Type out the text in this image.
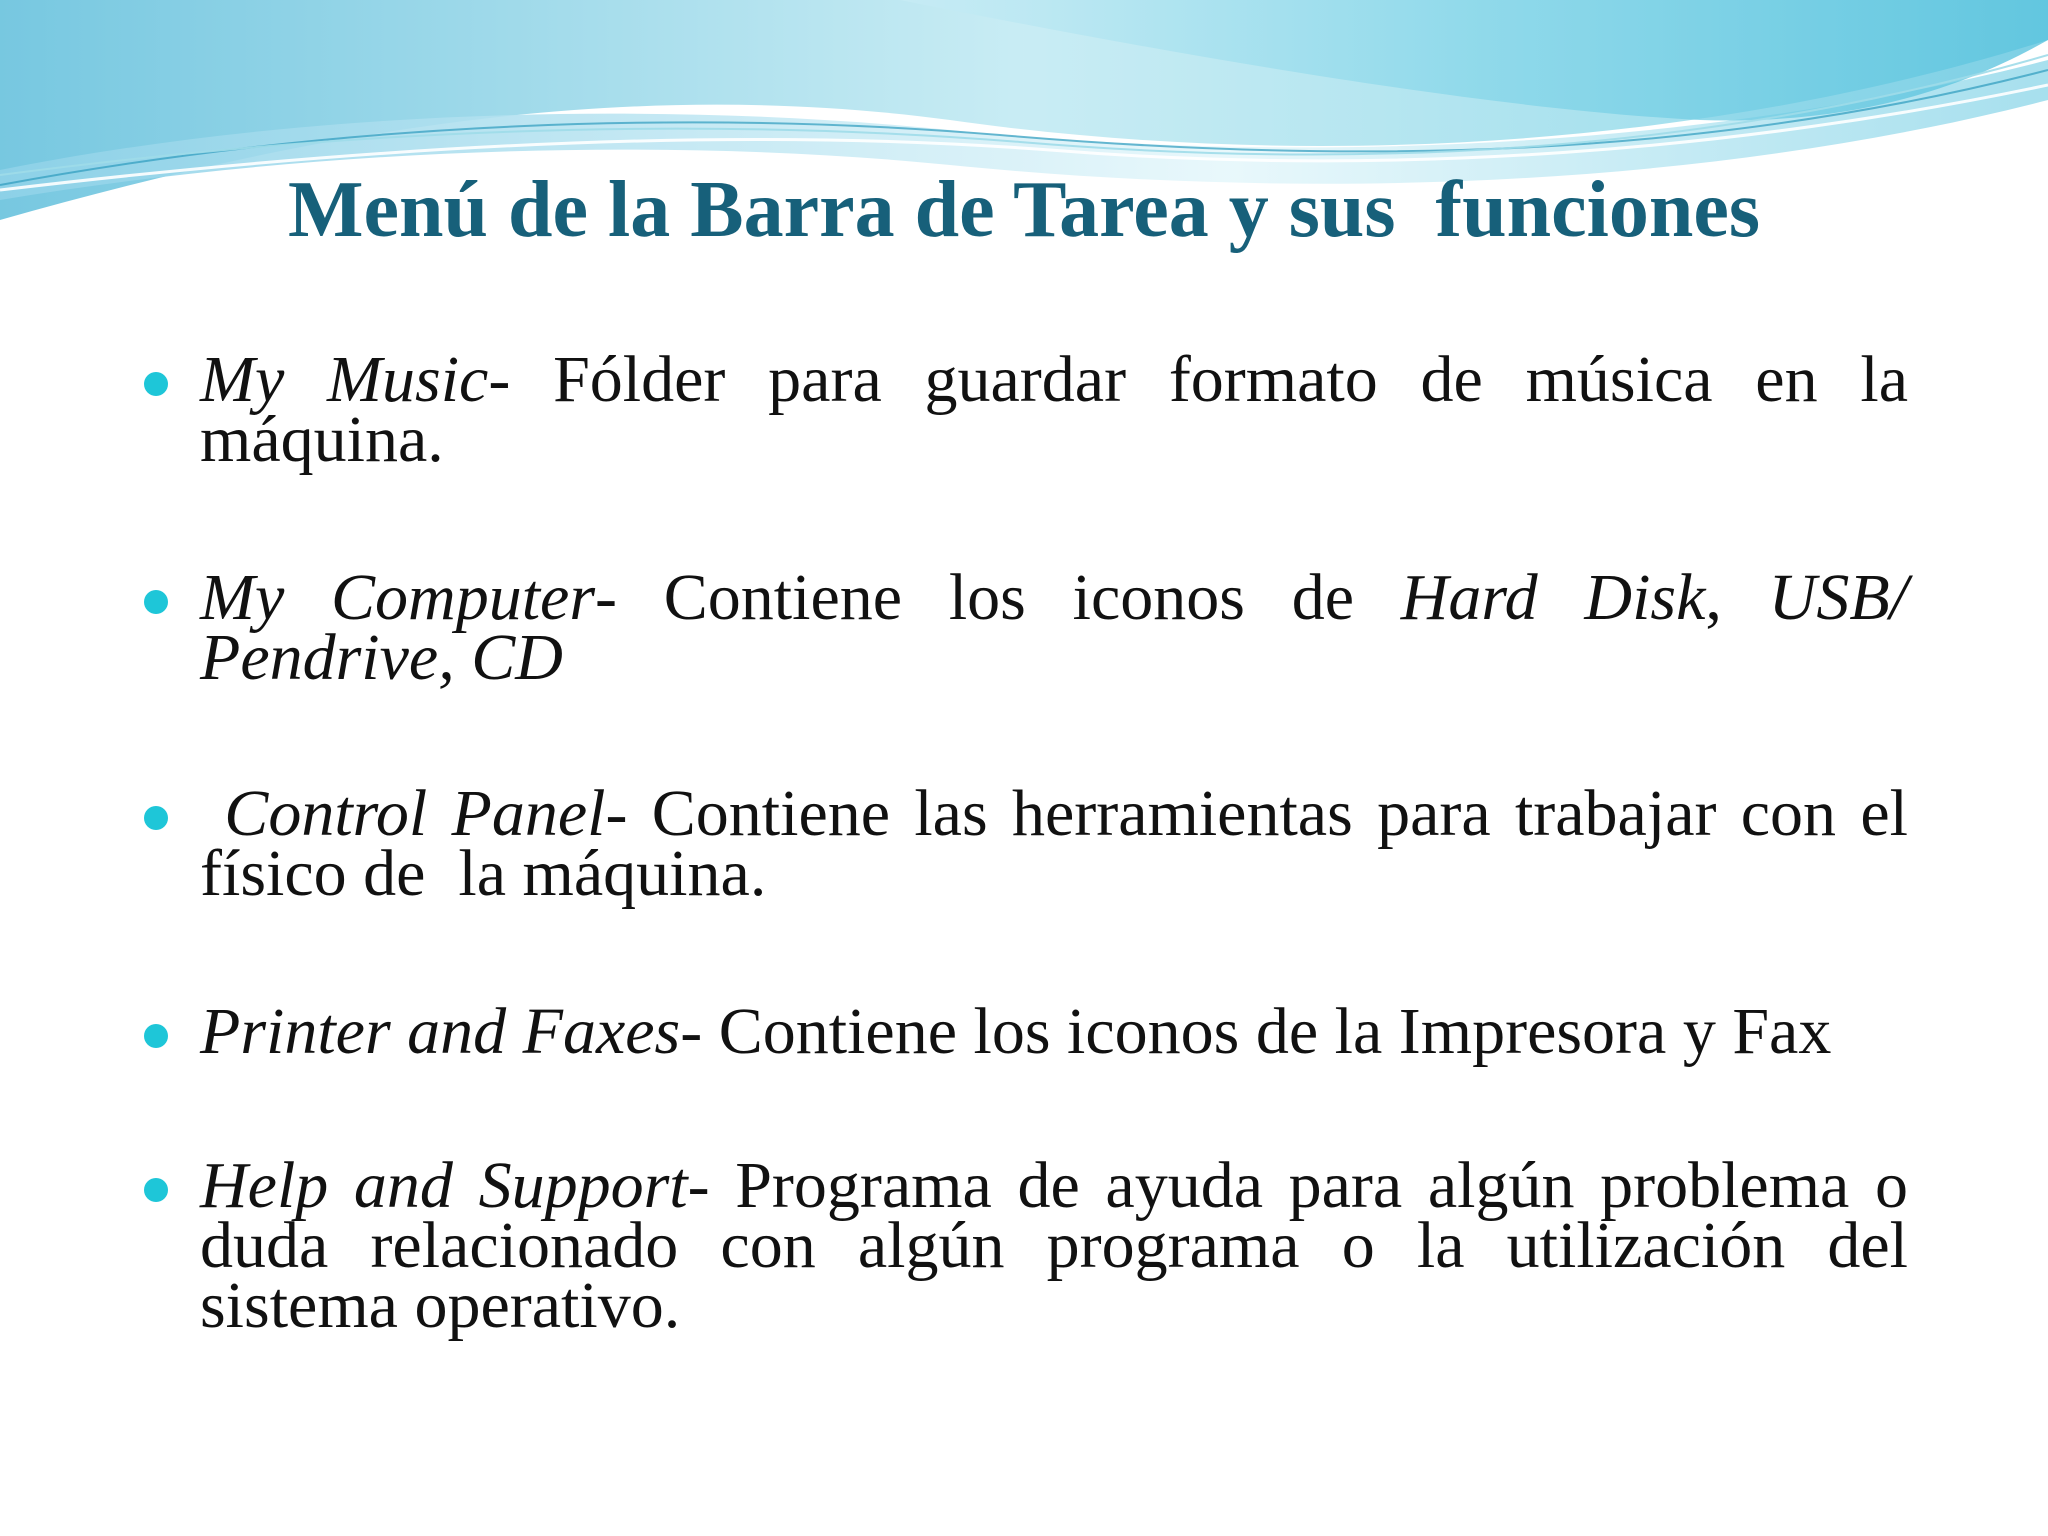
Menú de la Barra de Tarea y sus  funciones
My Music- Fólder para guardar formato de música en la máquina.
My Computer- Contiene los iconos de Hard Disk, USB/ Pendrive, CD
Control Panel- Contiene las herramientas para trabajar con el físico de  la máquina.
Printer and Faxes- Contiene los iconos de la Impresora y Fax
Help and Support- Programa de ayuda para algún problema o duda relacionado con algún programa o la utilización del sistema operativo.
